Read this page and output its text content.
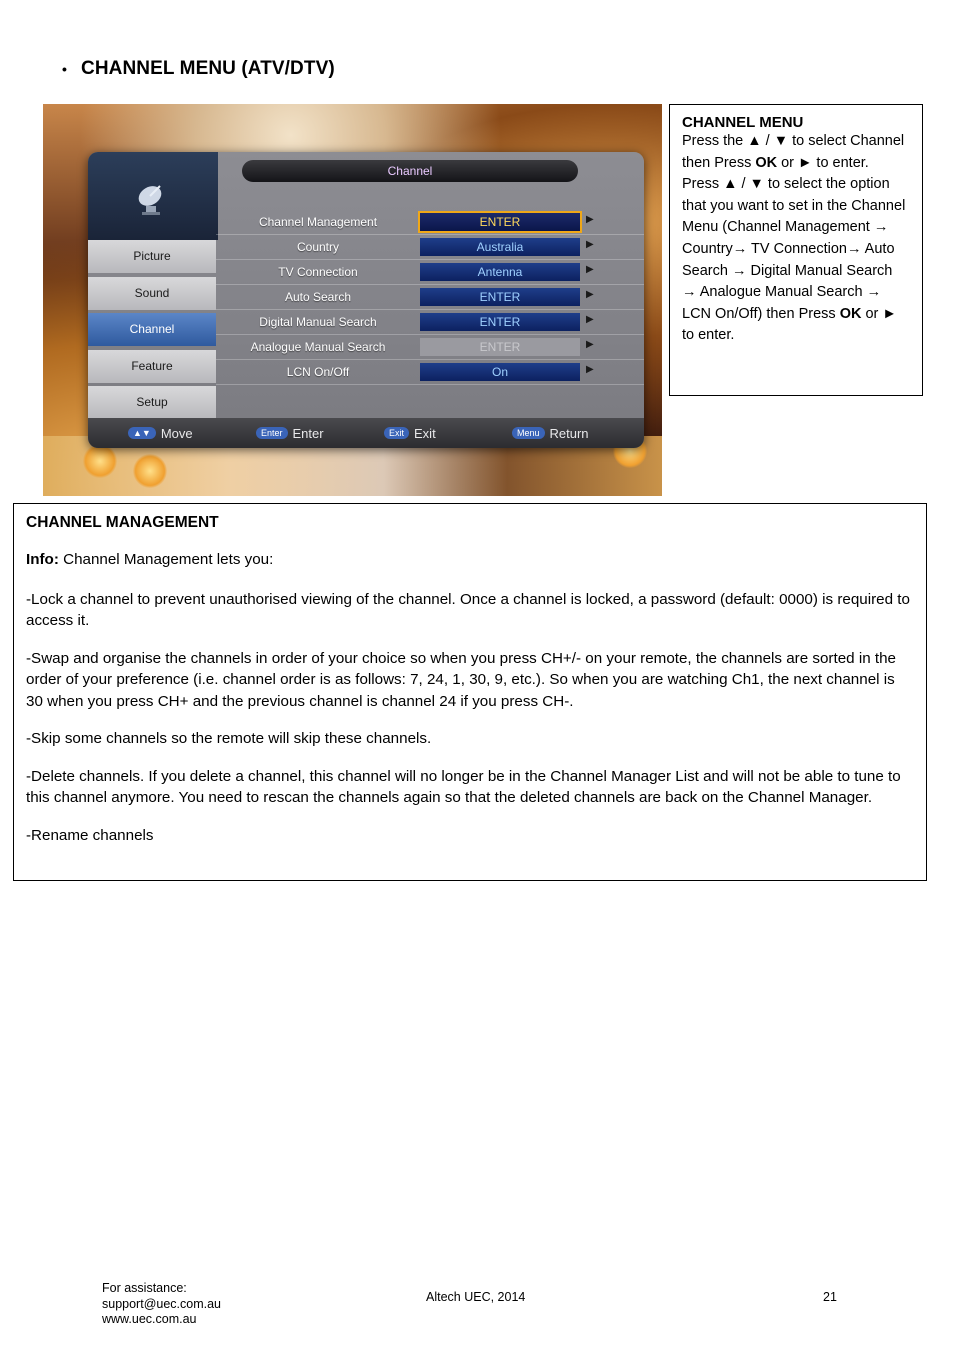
• CHANNEL MENU (ATV/DTV)
Channel
Picture
Sound
Channel
Feature
Setup
Channel Management	ENTER	▶
Country	Australia	▶
TV Connection	Antenna	▶
Auto Search	ENTER	▶
Digital Manual Search	ENTER	▶
Analogue Manual Search	ENTER	▶
LCN On/Off	On	▶
▲▼ Move	Enter Enter	Exit Exit	Menu Return
CHANNEL MENU
Press the ▲ / ▼ to select Channel then Press OK or ► to enter.
Press ▲ / ▼ to select the option that you want to set in the Channel Menu (Channel Management → Country→ TV Connection→ Auto Search → Digital Manual Search → Analogue Manual Search → LCN On/Off) then Press OK or ► to enter.
CHANNEL MANAGEMENT

Info: Channel Management lets you:

-Lock a channel to prevent unauthorised viewing of the channel. Once a channel is locked, a password (default: 0000) is required to access it.

-Swap and organise the channels in order of your choice so when you press CH+/- on your remote, the channels are sorted in the order of your preference (i.e. channel order is as follows: 7, 24, 1, 30, 9, etc.). So when you are watching Ch1, the next channel is 30 when you press CH+ and the previous channel is channel 24 if you press CH-.

-Skip some channels so the remote will skip these channels.

-Delete channels. If you delete a channel, this channel will no longer be in the Channel Manager List and will not be able to tune to this channel anymore. You need to rescan the channels again so that the deleted channels are back on the Channel Manager.

-Rename channels

For assistance:
support@uec.com.au
www.uec.com.au
Altech UEC, 2014	21
